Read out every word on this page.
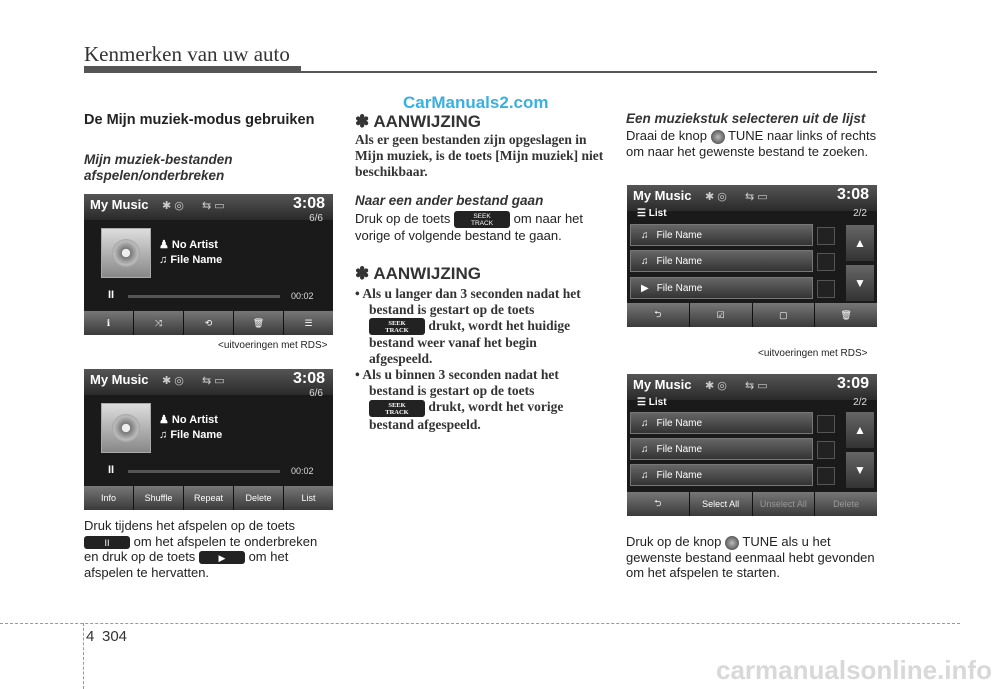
Kenmerken van uw auto
CarManuals2.com
De Mijn muziek-modus gebruiken
Mijn muziek-bestanden afspelen/onderbreken
My Music ✱ ◎ ⇆ ▭	3:08
6/6
♟ No Artist
♫ File Name
II	00:02
ℹ	⤨	⟲	🗑	☰
<uitvoeringen met RDS>
My Music ✱ ◎ ⇆ ▭	3:08
6/6
♟ No Artist
♫ File Name
II	00:02
Info	Shuffle	Repeat	Delete	List
Druk tijdens het afspelen op de toets
II om het afspelen te onderbreken
en druk op de toets	▶ om het
afspelen te hervatten.
✽ AANWIJZING
Als er geen bestanden zijn opgeslagen in Mijn muziek, is de toets [Mijn muziek] niet beschikbaar.
Naar een ander bestand gaan
Druk op de toets	SEEK
TRACK om naar het
vorige of volgende bestand te gaan.
✽ AANWIJZING
• Als u langer dan 3 seconden nadat het
bestand is gestart op de toets
SEEK
TRACK drukt, wordt het huidige
bestand weer vanaf het begin
afgespeeld.
• Als u binnen 3 seconden nadat het
bestand is gestart op de toets
SEEK
TRACK drukt, wordt het vorige
bestand afgespeeld.
Een muziekstuk selecteren uit de lijst
Draai de knop TUNE naar links of rechts om naar het gewenste bestand te zoeken.
My Music ✱ ◎ ⇆ ▭	3:08
☰ List	2/2
♫ File Name
♫ File Name
▶ File Name
▲
▼
⮌	☑	▢	🗑
<uitvoeringen met RDS>
My Music ✱ ◎ ⇆ ▭	3:09
☰ List	2/2
♫ File Name
♫ File Name
♫ File Name
▲
▼
⮌	Select All	Unselect All	Delete
Druk op de knop TUNE als u het gewenste bestand eenmaal hebt gevonden om het afspelen te starten.
4 304
carmanualsonline.info
